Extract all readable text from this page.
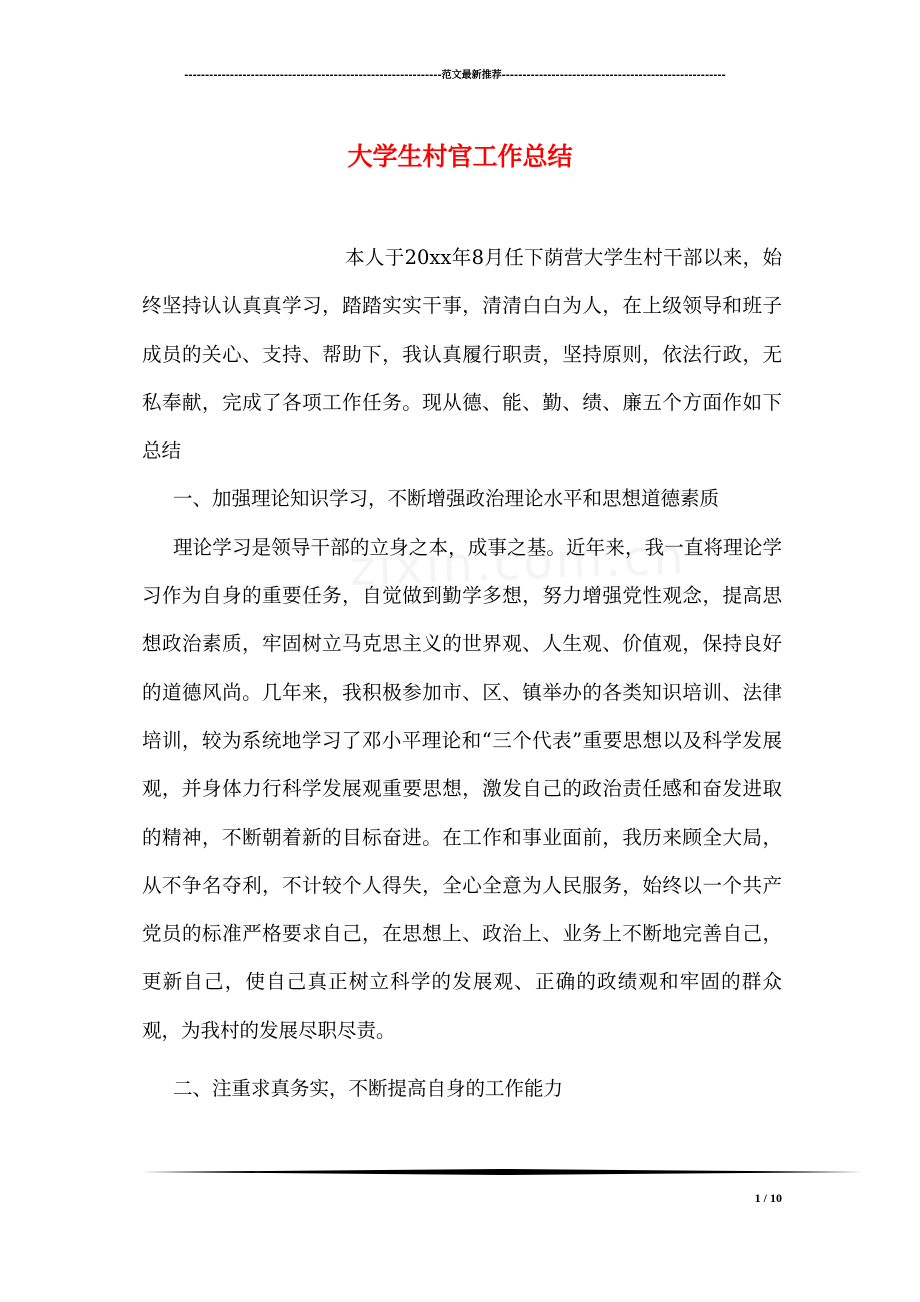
--------------------------------------------------------------范文最新推荐------------------------------------------------------
大学生村官工作总结

本人于20xx年8月任下荫营大学生村干部以来，始终坚持认认真真学习，踏踏实实干事，清清白白为人，在上级领导和班子成员的关心、支持、帮助下，我认真履行职责，坚持原则，依法行政，无私奉献，完成了各项工作任务。现从德、能、勤、绩、廉五个方面作如下总结

一、加强理论知识学习，不断增强政治理论水平和思想道德素质

理论学习是领导干部的立身之本，成事之基。近年来，我一直将理论学习作为自身的重要任务，自觉做到勤学多想，努力增强党性观念，提高思想政治素质，牢固树立马克思主义的世界观、人生观、价值观，保持良好的道德风尚。几年来，我积极参加市、区、镇举办的各类知识培训、法律培训，较为系统地学习了邓小平理论和“三个代表”重要思想以及科学发展观，并身体力行科学发展观重要思想，激发自己的政治责任感和奋发进取的精神，不断朝着新的目标奋进。在工作和事业面前，我历来顾全大局，从不争名夺利，不计较个人得失，全心全意为人民服务，始终以一个共产党员的标准严格要求自己，在思想上、政治上、业务上不断地完善自己，更新自己，使自己真正树立科学的发展观、正确的政绩观和牢固的群众观，为我村的发展尽职尽责。

二、注重求真务实，不断提高自身的工作能力

1 / 10
